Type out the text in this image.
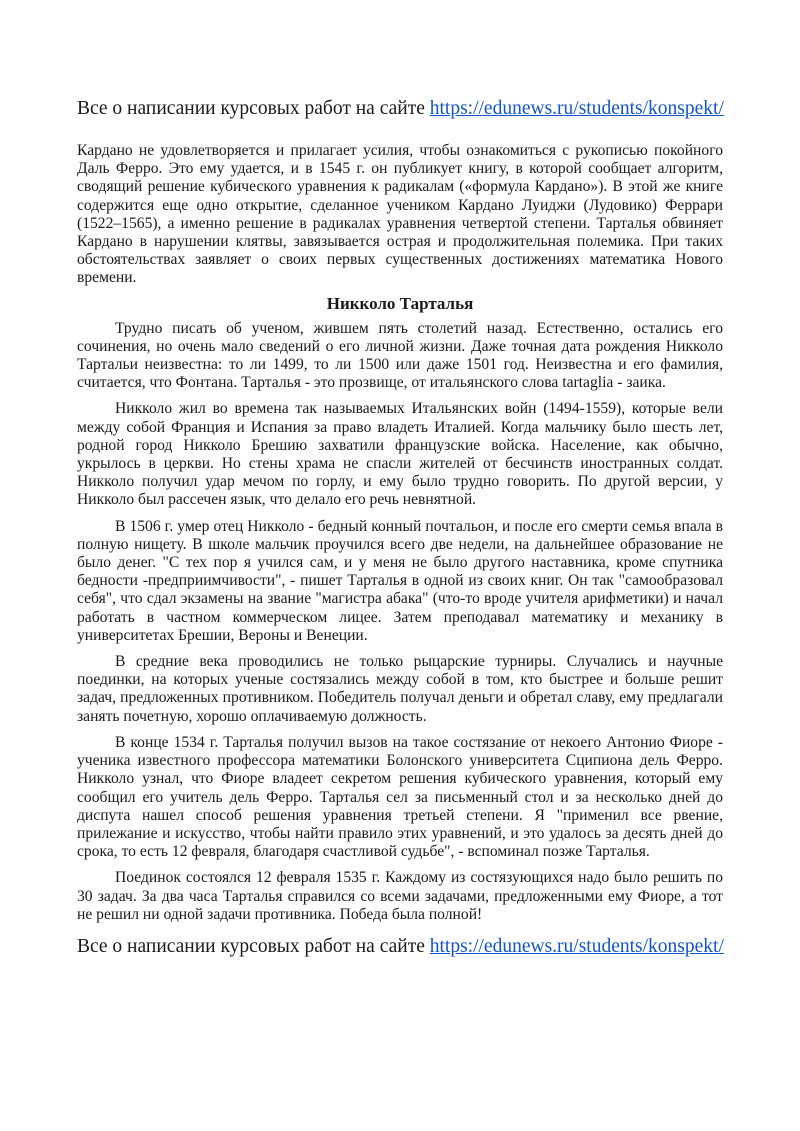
Все о написании курсовых работ на сайте https://edunews.ru/students/konspekt/

Кардано не удовлетворяется и прилагает усилия, чтобы ознакомиться с рукописью покойного Даль Ферро. Это ему удается, и в 1545 г. он публикует книгу, в которой сообщает алгоритм, сводящий решение кубического уравнения к радикалам («формула Кардано»). В этой же книге содержится еще одно открытие, сделанное учеником Кардано Луиджи (Лудовико) Феррари (1522–1565), а именно решение в радикалах уравнения четвертой степени. Тарталья обвиняет Кардано в нарушении клятвы, завязывается острая и продолжительная полемика. При таких обстоятельствах заявляет о своих первых существенных достижениях математика Нового времени.

Никколо Тарталья

Трудно писать об ученом, жившем пять столетий назад. Естественно, остались его сочинения, но очень мало сведений о его личной жизни. Даже точная дата рождения Никколо Тартальи неизвестна: то ли 1499, то ли 1500 или даже 1501 год. Неизвестна и его фамилия, считается, что Фонтана. Тарталья - это прозвище, от итальянского слова tartaglia - заика.

Никколо жил во времена так называемых Итальянских войн (1494-1559), которые вели между собой Франция и Испания за право владеть Италией. Когда мальчику было шесть лет, родной город Никколо Брешию захватили французские войска. Население, как обычно, укрылось в церкви. Но стены храма не спасли жителей от бесчинств иностранных солдат. Никколо получил удар мечом по горлу, и ему было трудно говорить. По другой версии, у Никколо был рассечен язык, что делало его речь невнятной.

В 1506 г. умер отец Никколо - бедный конный почтальон, и после его смерти семья впала в полную нищету. В школе мальчик проучился всего две недели, на дальнейшее образование не было денег. "С тех пор я учился сам, и у меня не было другого наставника, кроме спутника бедности -предприимчивости", - пишет Тарталья в одной из своих книг. Он так "самообразовал себя", что сдал экзамены на звание "магистра абака" (что-то вроде учителя арифметики) и начал работать в частном коммерческом лицее. Затем преподавал математику и механику в университетах Брешии, Вероны и Венеции.

В средние века проводились не только рыцарские турниры. Случались и научные поединки, на которых ученые состязались между собой в том, кто быстрее и больше решит задач, предложенных противником. Победитель получал деньги и обретал славу, ему предлагали занять почетную, хорошо оплачиваемую должность.

В конце 1534 г. Тарталья получил вызов на такое состязание от некоего Антонио Фиоре - ученика известного профессора математики Болонского университета Сципиона дель Ферро. Никколо узнал, что Фиоре владеет секретом решения кубического уравнения, который ему сообщил его учитель дель Ферро. Тарталья сел за письменный стол и за несколько дней до диспута нашел способ решения уравнения третьей степени. Я "применил все рвение, прилежание и искусство, чтобы найти правило этих уравнений, и это удалось за десять дней до срока, то есть 12 февраля, благодаря счастливой судьбе", - вспоминал позже Тарталья.

Поединок состоялся 12 февраля 1535 г. Каждому из состязующихся надо было решить по 30 задач. За два часа Тарталья справился со всеми задачами, предложенными ему Фиоре, а тот не решил ни одной задачи противника. Победа была полной!

Все о написании курсовых работ на сайте https://edunews.ru/students/konspekt/
